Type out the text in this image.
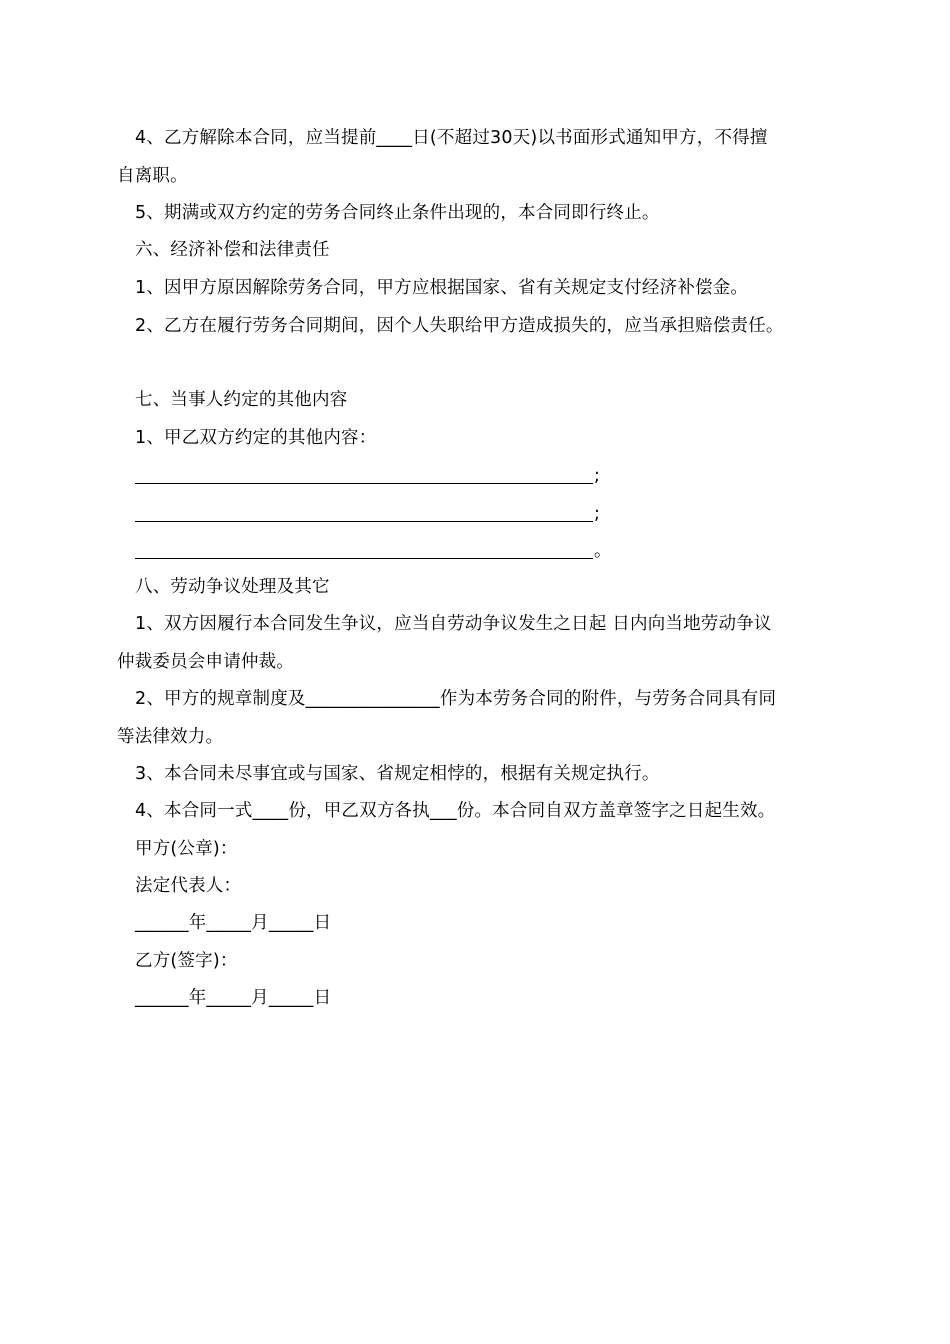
4、乙方解除本合同，应当提前____日(不超过30天)以书面形式通知甲方，不得擅
自离职。
5、期满或双方约定的劳务合同终止条件出现的，本合同即行终止。
六、经济补偿和法律责任
1、因甲方原因解除劳务合同，甲方应根据国家、省有关规定支付经济补偿金。
2、乙方在履行劳务合同期间，因个人失职给甲方造成损失的，应当承担赔偿责任。
七、当事人约定的其他内容
1、甲乙双方约定的其他内容：
;
;
。
八、劳动争议处理及其它
1、双方因履行本合同发生争议，应当自劳动争议发生之日起 日内向当地劳动争议
仲裁委员会申请仲裁。
2、甲方的规章制度及_______________作为本劳务合同的附件，与劳务合同具有同
等法律效力。
3、本合同未尽事宜或与国家、省规定相悖的，根据有关规定执行。
4、本合同一式____份，甲乙双方各执___份。本合同自双方盖章签字之日起生效。
甲方(公章)：
法定代表人：
______年_____月_____日
乙方(签字)：
______年_____月_____日
